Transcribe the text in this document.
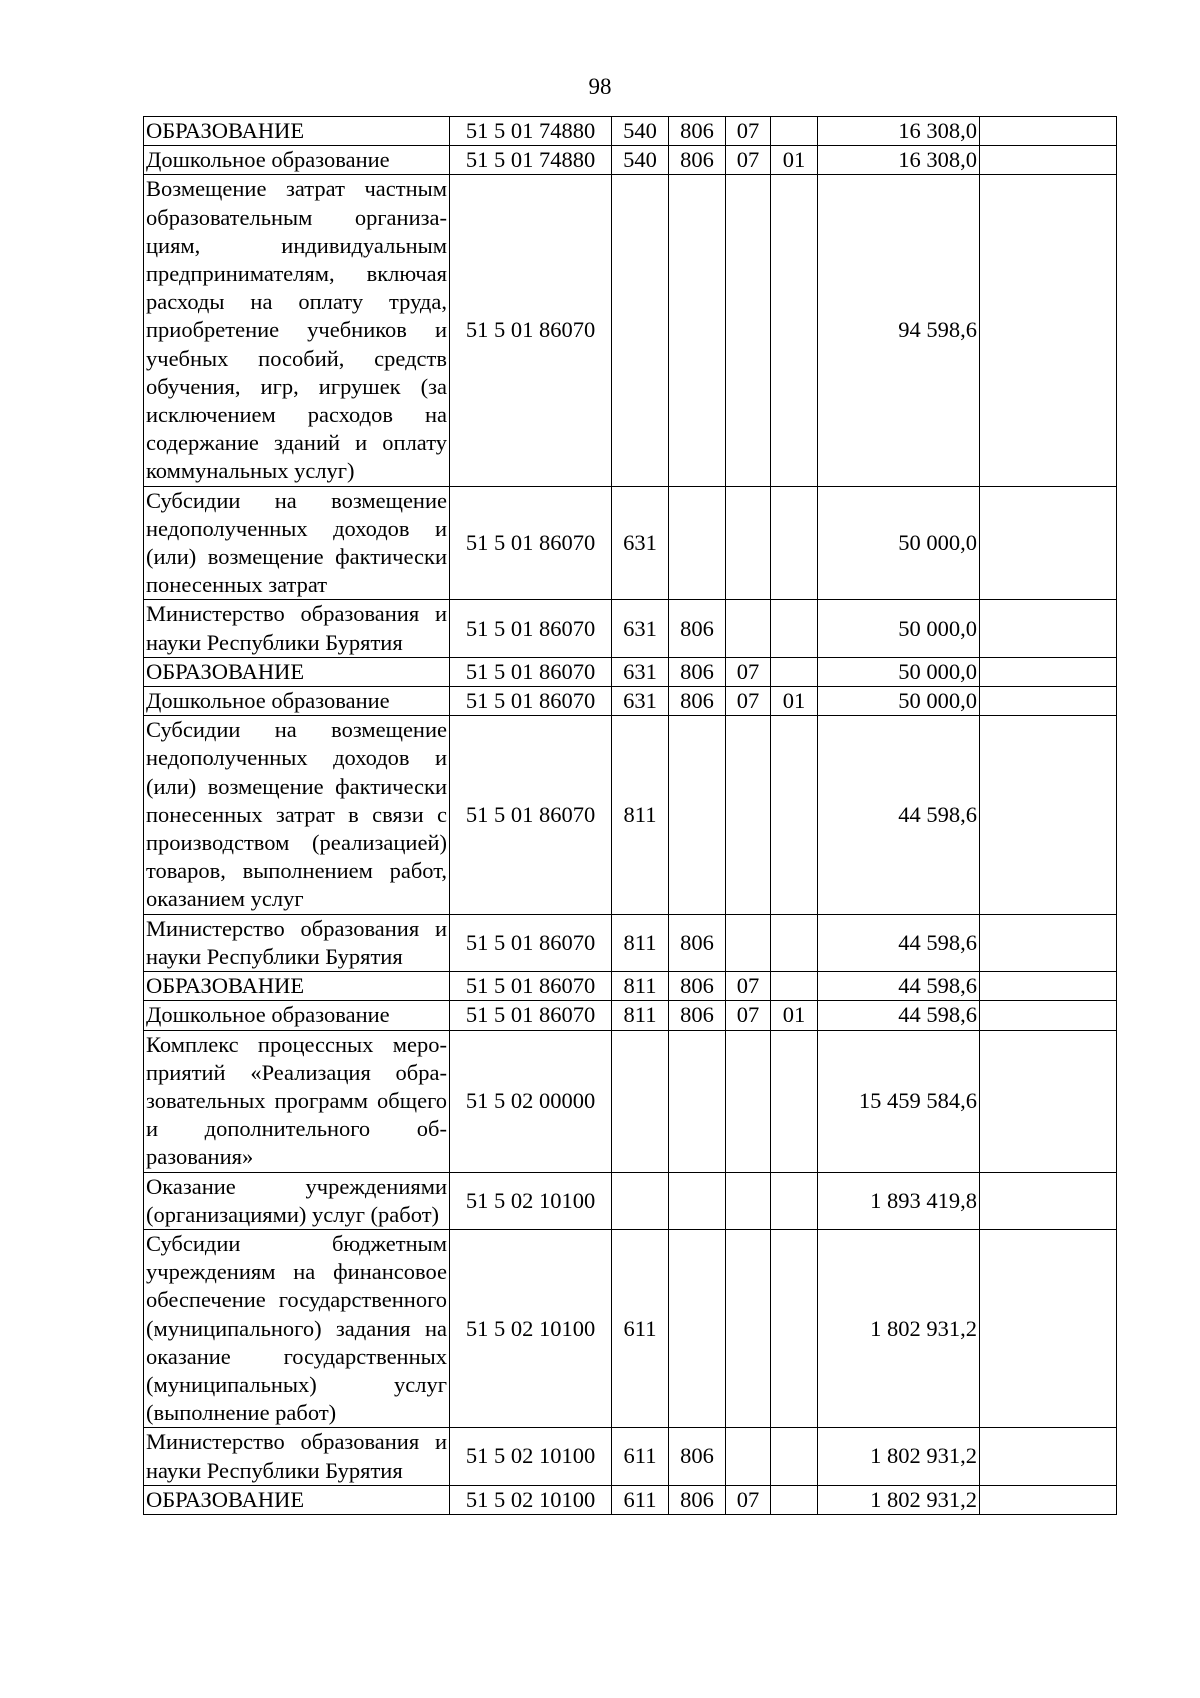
98
ОБРАЗОВАНИЕ	51 5 01 74880	540	806	07		16 308,0	
Дошкольное образование	51 5 01 74880	540	806	07	01	16 308,0	
Возмещение затрат частным образовательным организациям, индивидуальным предпринимателям, включая расходы на оплату труда, приобретение учебников и учебных пособий, средств обучения, игр, игрушек (за исключением расходов на содержание зданий и оплату коммунальных услуг)	51 5 01 86070					94 598,6	
Субсидии на возмещение недополученных доходов и (или) возмещение фактически понесенных затрат	51 5 01 86070	631				50 000,0	
Министерство образования и науки Республики Бурятия	51 5 01 86070	631	806			50 000,0	
ОБРАЗОВАНИЕ	51 5 01 86070	631	806	07		50 000,0	
Дошкольное образование	51 5 01 86070	631	806	07	01	50 000,0	
Субсидии на возмещение недополученных доходов и (или) возмещение фактически понесенных затрат в связи с производством (реализацией) товаров, выполнением работ, оказанием услуг	51 5 01 86070	811				44 598,6	
Министерство образования и науки Республики Бурятия	51 5 01 86070	811	806			44 598,6	
ОБРАЗОВАНИЕ	51 5 01 86070	811	806	07		44 598,6	
Дошкольное образование	51 5 01 86070	811	806	07	01	44 598,6	
Комплекс процессных мероприятий «Реализация образовательных программ общего и дополнительного образования»	51 5 02 00000					15 459 584,6	
Оказание учреждениями (организациями) услуг (работ)	51 5 02 10100					1 893 419,8	
Субсидии бюджетным учреждениям на финансовое обеспечение государственного (муниципального) задания на оказание государственных (муниципальных) услуг (выполнение работ)	51 5 02 10100	611				1 802 931,2	
Министерство образования и науки Республики Бурятия	51 5 02 10100	611	806			1 802 931,2	
ОБРАЗОВАНИЕ	51 5 02 10100	611	806	07		1 802 931,2	
